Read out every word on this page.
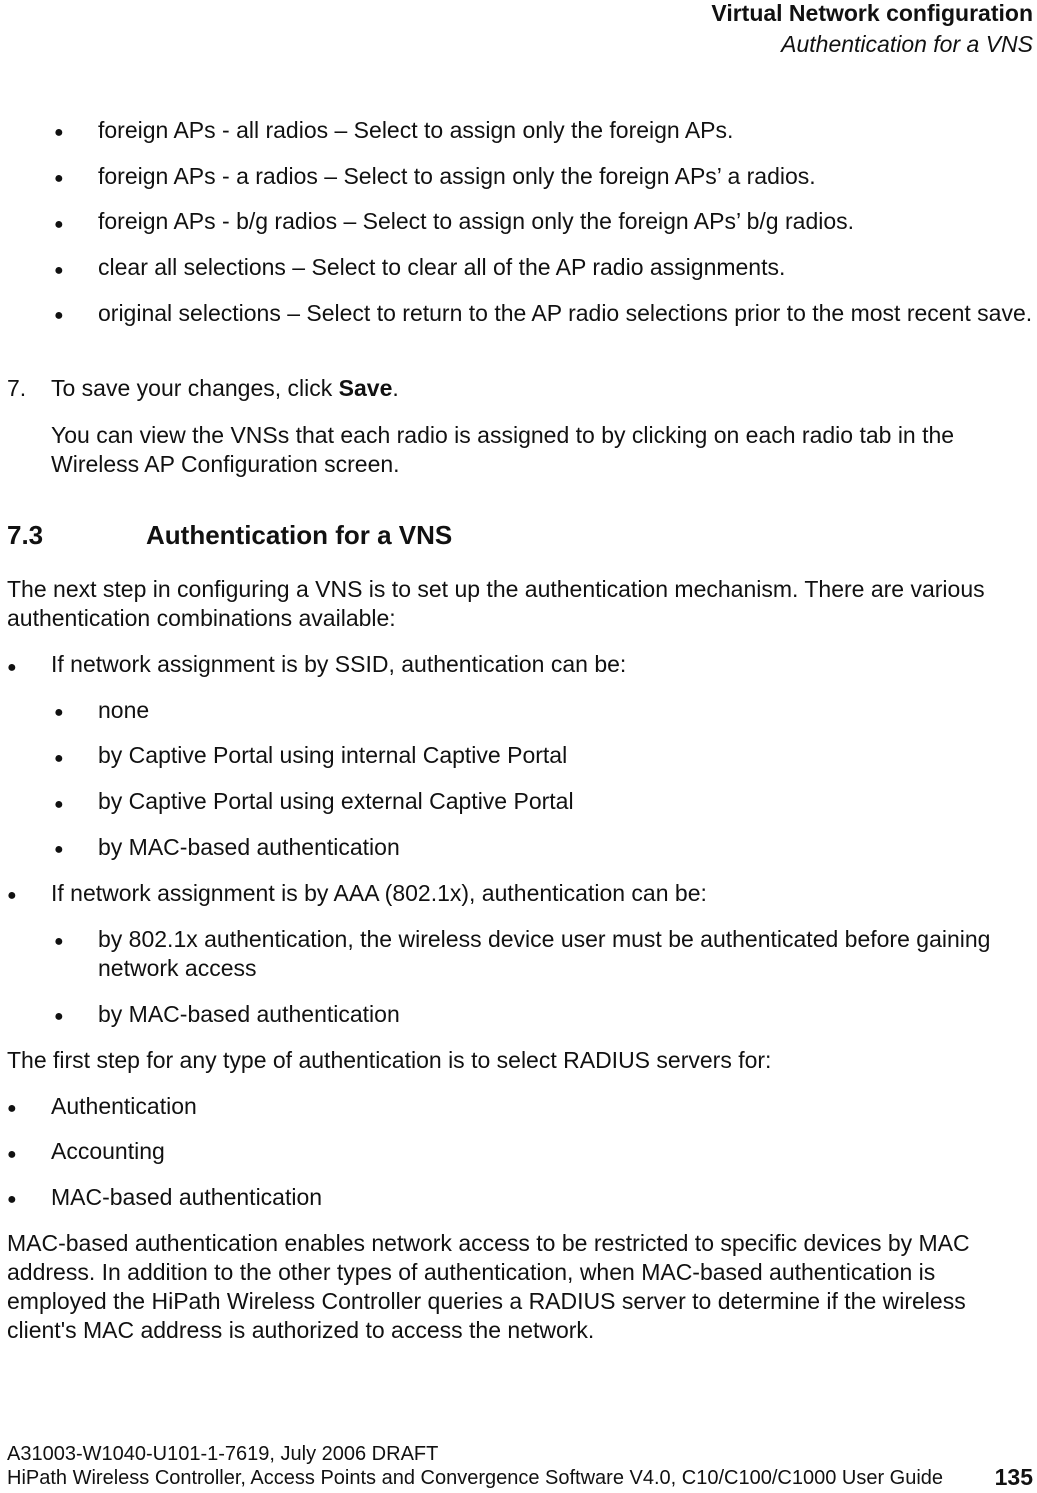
Virtual Network configuration
Authentication for a VNS
● foreign APs - all radios – Select to assign only the foreign APs.

● foreign APs - a radios – Select to assign only the foreign APs’ a radios.

● foreign APs - b/g radios – Select to assign only the foreign APs’ b/g radios.

● clear all selections – Select to clear all of the AP radio assignments.

● original selections – Select to return to the AP radio selections prior to the most recent save.

7. To save your changes, click Save.

You can view the VNSs that each radio is assigned to by clicking on each radio tab in the Wireless AP Configuration screen.

7.3	Authentication for a VNS

The next step in configuring a VNS is to set up the authentication mechanism. There are various authentication combinations available:

● If network assignment is by SSID, authentication can be:

● none

● by Captive Portal using internal Captive Portal

● by Captive Portal using external Captive Portal

● by MAC-based authentication

● If network assignment is by AAA (802.1x), authentication can be:

● by 802.1x authentication, the wireless device user must be authenticated before gaining network access

● by MAC-based authentication

The first step for any type of authentication is to select RADIUS servers for:

● Authentication

● Accounting

● MAC-based authentication

MAC-based authentication enables network access to be restricted to specific devices by MAC address. In addition to the other types of authentication, when MAC-based authentication is employed the HiPath Wireless Controller queries a RADIUS server to determine if the wireless client's MAC address is authorized to access the network.

A31003-W1040-U101-1-7619, July 2006 DRAFT
HiPath Wireless Controller, Access Points and Convergence Software V4.0, C10/C100/C1000 User Guide 135
